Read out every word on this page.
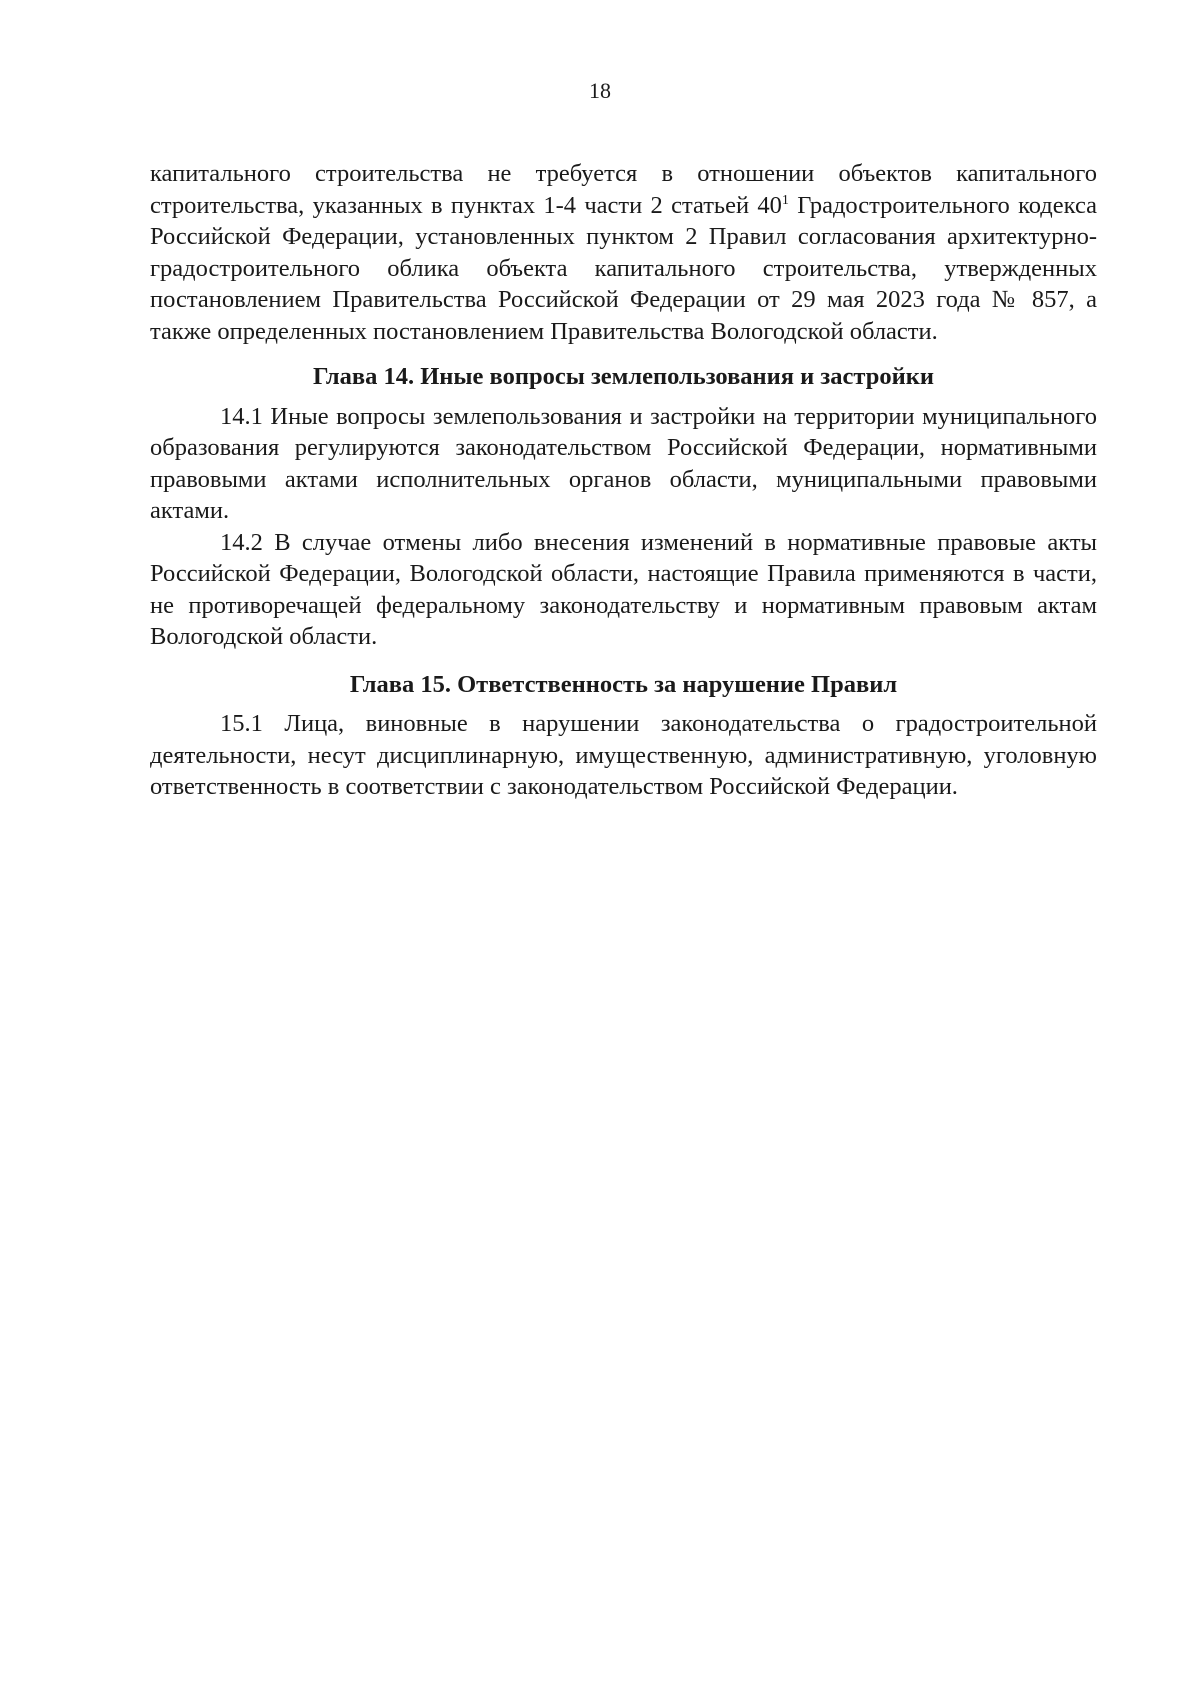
18

капитального строительства не требуется в отношении объектов капитального строительства, указанных в пунктах 1-4 части 2 статьей $40^1$ Градостроительного кодекса Российской Федерации, установленных пунктом 2 Правил согласования архитектурно-градостроительного облика объекта капитального строительства, утвержденных постановлением Правительства Российской Федерации от 29 мая 2023 года № 857, а также определенных постановлением Правительства Вологодской области.

Глава 14. Иные вопросы землепользования и застройки

14.1 Иные вопросы землепользования и застройки на территории муниципального образования регулируются законодательством Российской Федерации, нормативными правовыми актами исполнительных органов области, муниципальными правовыми актами.

14.2 В случае отмены либо внесения изменений в нормативные правовые акты Российской Федерации, Вологодской области, настоящие Правила применяются в части, не противоречащей федеральному законодательству и нормативным правовым актам Вологодской области.

Глава 15. Ответственность за нарушение Правил

15.1 Лица, виновные в нарушении законодательства о градостроительной деятельности, несут дисциплинарную, имущественную, административную, уголовную ответственность в соответствии с законодательством Российской Федерации.
